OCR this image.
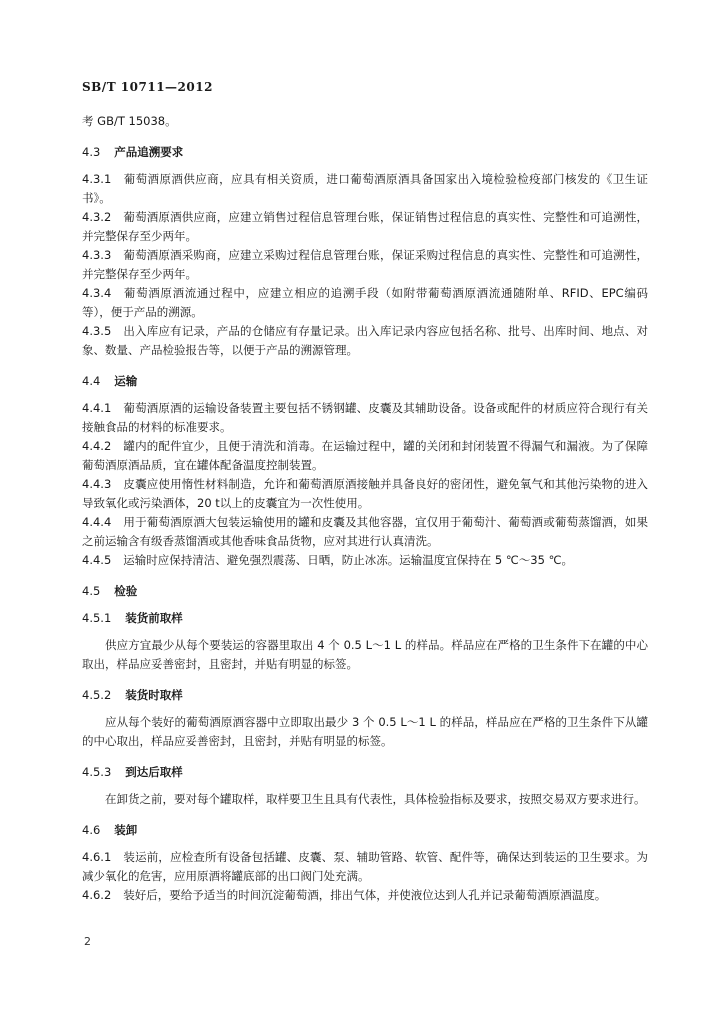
SB/T 10711—2012

考 GB/T 15038。

4.3 产品追溯要求

4.3.1 葡萄酒原酒供应商，应具有相关资质，进口葡萄酒原酒具备国家出入境检验检疫部门核发的《卫生证书》。

4.3.2 葡萄酒原酒供应商，应建立销售过程信息管理台账，保证销售过程信息的真实性、完整性和可追溯性，并完整保存至少两年。

4.3.3 葡萄酒原酒采购商，应建立采购过程信息管理台账，保证采购过程信息的真实性、完整性和可追溯性，并完整保存至少两年。

4.3.4 葡萄酒原酒流通过程中，应建立相应的追溯手段（如附带葡萄酒原酒流通随附单、RFID、EPC编码等），便于产品的溯源。

4.3.5 出入库应有记录，产品的仓储应有存量记录。出入库记录内容应包括名称、批号、出库时间、地点、对象、数量、产品检验报告等，以便于产品的溯源管理。

4.4 运输

4.4.1 葡萄酒原酒的运输设备装置主要包括不锈钢罐、皮囊及其辅助设备。设备或配件的材质应符合现行有关接触食品的材料的标准要求。

4.4.2 罐内的配件宜少，且便于清洗和消毒。在运输过程中，罐的关闭和封闭装置不得漏气和漏液。为了保障葡萄酒原酒品质，宜在罐体配备温度控制装置。

4.4.3 皮囊应使用惰性材料制造，允许和葡萄酒原酒接触并具备良好的密闭性，避免氧气和其他污染物的进入导致氧化或污染酒体，20 t以上的皮囊宜为一次性使用。

4.4.4 用于葡萄酒原酒大包装运输使用的罐和皮囊及其他容器，宜仅用于葡萄汁、葡萄酒或葡萄蒸馏酒，如果之前运输含有级香蒸馏酒或其他香味食品货物，应对其进行认真清洗。

4.4.5 运输时应保持清洁、避免强烈震荡、日晒，防止冰冻。运输温度宜保持在 5 ℃～35 ℃。

4.5 检验

4.5.1 装货前取样

供应方宜最少从每个要装运的容器里取出 4 个 0.5 L～1 L 的样品。样品应在严格的卫生条件下在罐的中心取出，样品应妥善密封，且密封，并贴有明显的标签。

4.5.2 装货时取样

应从每个装好的葡萄酒原酒容器中立即取出最少 3 个 0.5 L～1 L 的样品，样品应在严格的卫生条件下从罐的中心取出，样品应妥善密封，且密封，并贴有明显的标签。

4.5.3 到达后取样

在卸货之前，要对每个罐取样，取样要卫生且具有代表性，具体检验指标及要求，按照交易双方要求进行。

4.6 装卸

4.6.1 装运前，应检查所有设备包括罐、皮囊、泵、辅助管路、软管、配件等，确保达到装运的卫生要求。为减少氧化的危害，应用原酒将罐底部的出口阀门处充满。

4.6.2 装好后，要给予适当的时间沉淀葡萄酒，排出气体，并使液位达到人孔并记录葡萄酒原酒温度。

2
